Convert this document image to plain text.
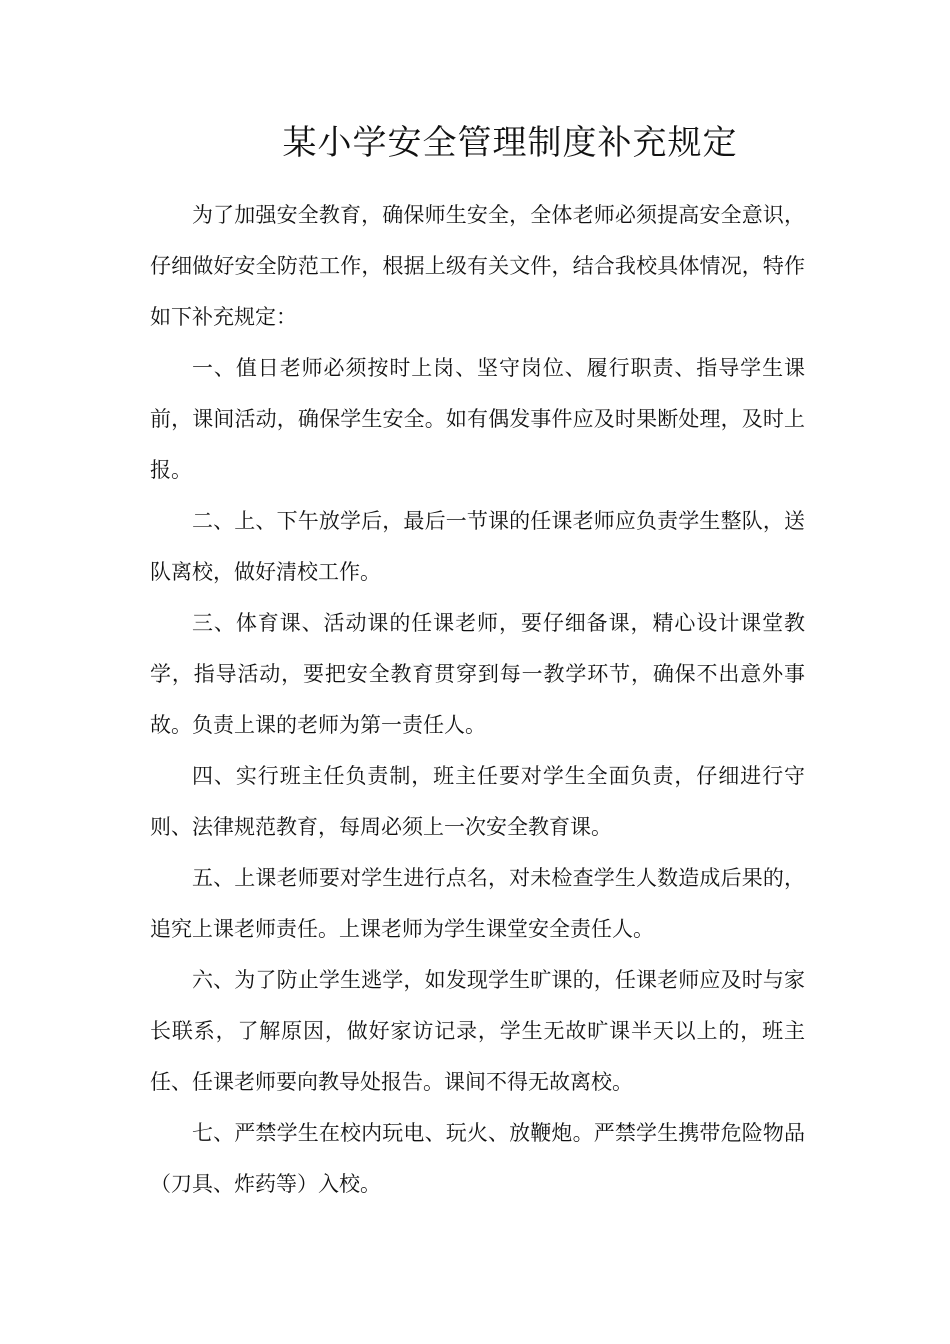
某小学安全管理制度补充规定

为了加强安全教育，确保师生安全，全体老师必须提高安全意识，仔细做好安全防范工作，根据上级有关文件，结合我校具体情况，特作如下补充规定：

一、值日老师必须按时上岗、坚守岗位、履行职责、指导学生课前，课间活动，确保学生安全。如有偶发事件应及时果断处理，及时上报。

二、上、下午放学后，最后一节课的任课老师应负责学生整队，送队离校，做好清校工作。

三、体育课、活动课的任课老师，要仔细备课，精心设计课堂教学，指导活动，要把安全教育贯穿到每一教学环节，确保不出意外事故。负责上课的老师为第一责任人。

四、实行班主任负责制，班主任要对学生全面负责，仔细进行守则、法律规范教育，每周必须上一次安全教育课。

五、上课老师要对学生进行点名，对未检查学生人数造成后果的，追究上课老师责任。上课老师为学生课堂安全责任人。

六、为了防止学生逃学，如发现学生旷课的，任课老师应及时与家长联系，了解原因，做好家访记录，学生无故旷课半天以上的，班主任、任课老师要向教导处报告。课间不得无故离校。

七、严禁学生在校内玩电、玩火、放鞭炮。严禁学生携带危险物品（刀具、炸药等）入校。
